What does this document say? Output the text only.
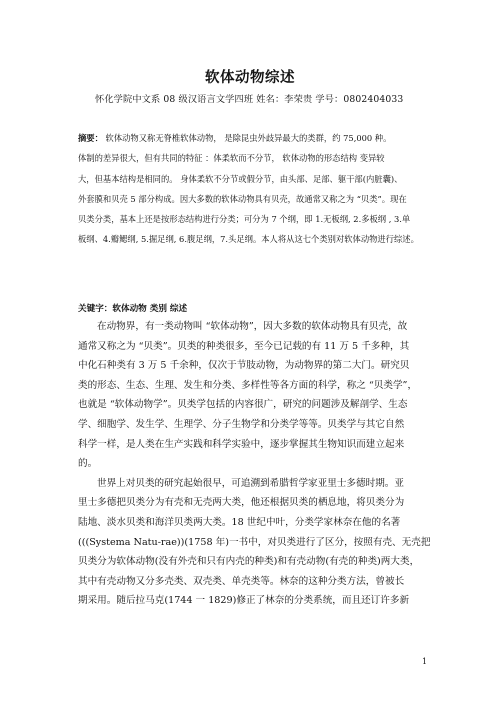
软体动物综述
怀化学院中文系 08 级汉语言文学四班 姓名：李荣贵 学号：0802404033
摘要： 软体动物又称无脊椎软体动物， 是除昆虫外歧异最大的类群，约 75,000 种。
体制的差异很大，但有共同的特征 ：体柔软而不分节， 软体动物的形态结构 变异较
大，但基本结构是相同的。 身体柔软不分节或假分节，由头部、足部、躯干部(内脏囊)、
外套膜和贝壳 5 部分构成。因大多数的软体动物具有贝壳，故通常又称之为 “贝类”。现在
贝类分类，基本上还是按形态结构进行分类；可分为 7 个纲，即 1.无板纲, 2.多板纲 , 3.单
板纲、4.瓣鳃纲, 5.掘足纲, 6.腹足纲，7.头足纲。本人将从这七个类别对软体动物进行综述。
关键字：软体动物 类别 综述
在动物界，有一类动物叫 “软体动物”，因大多数的软体动物具有贝壳，故
通常又称之为 “贝类”。贝类的种类很多，至今已记载的有 11 万 5 千多种，其
中化石种类有 3 万 5 千余种，仅次于节肢动物，为动物界的第二大门。研究贝
类的形态、生态、生理、发生和分类、多样性等各方面的科学，称之 “贝类学”，
也就是 “软体动物学”。贝类学包括的内容很广，研究的问题涉及解剖学、生态
学、细胞学、发生学、生理学、分子生物学和分类学等等。贝类学与其它自然
科学一样，是人类在生产实践和科学实验中，逐步掌握其生物知识而建立起来
的。
世界上对贝类的研究起始很早，可追溯到希腊哲学家亚里士多德时期。亚
里士多德把贝类分为有壳和无壳两大类，他还根据贝类的栖息地，将贝类分为
陆地、淡水贝类和海洋贝类两大类。18 世纪中叶，分类学家林奈在他的名著
(((Systema Natu-rae))(1758 年)一书中，对贝类进行了区分，按照有壳、无壳把
贝类分为软体动物(没有外壳和只有内壳的种类)和有壳动物(有壳的种类)两大类，
其中有壳动物又分多壳类、双壳类、单壳类等。林奈的这种分类方法，曾被长
期采用。随后拉马克(1744 一 1829)修正了林奈的分类系统，而且还订许多新
1
